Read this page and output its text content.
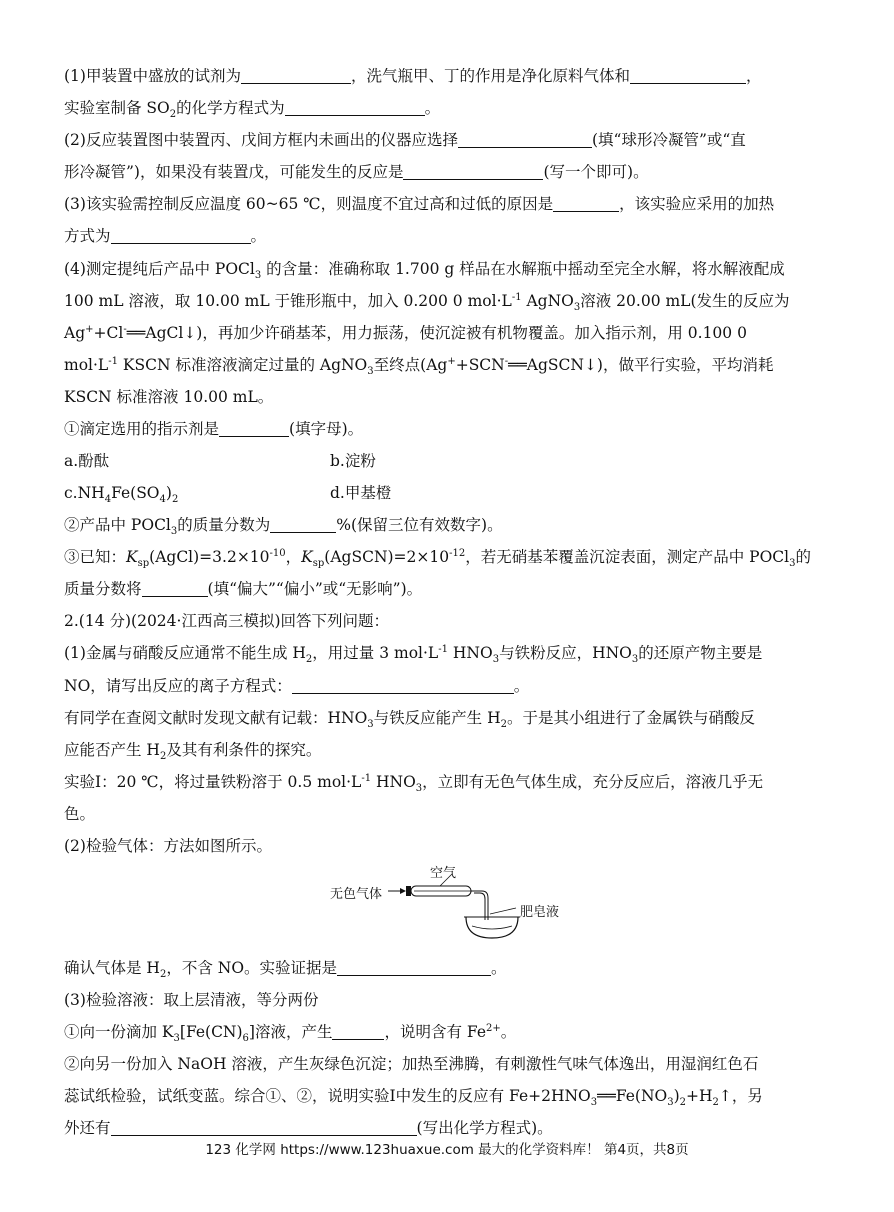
(1)甲装置中盛放的试剂为	，洗气瓶甲、丁的作用是净化原料气体和	，
实验室制备 $SO_2$的化学方程式为	。
(2)反应装置图中装置丙、戊间方框内未画出的仪器应选择	(填“球形冷凝管”或“直
形冷凝管”)，如果没有装置戊，可能发生的反应是	(写一个即可)。
(3)该实验需控制反应温度 60~65 ℃，则温度不宜过高和过低的原因是	，该实验应采用的加热
方式为	。
(4)测定提纯后产品中 POCl$_3$ 的含量：准确称取 1.700 g 样品在水解瓶中摇动至完全水解，将水解液配成
100 mL 溶液，取 10.00 mL 于锥形瓶中，加入 0.200 0 $mol\cdot L^{-1}$ AgNO$_3$溶液 20.00 mL(发生的反应为
Ag++Cl-══AgCl↓)，再加少许硝基苯，用力振荡，使沉淀被有机物覆盖。加入指示剂，用 0.100 0
$mol\cdot L^{-1}$ KSCN 标准溶液滴定过量的 AgNO$_3$至终点(Ag++SCN-══AgSCN↓)，做平行实验，平均消耗
KSCN 标准溶液 10.00 mL。
①滴定选用的指示剂是	(填字母)。
a.酚酞	b.淀粉
$c.NH_4Fe(SO_4)_2$	d.甲基橙
②产品中 POCl$_3$的质量分数为	%(保留三位有效数字)。
③已知：$K_{sp}(AgCl)=3.2\times 10^{-10}$，$K_{sp}(AgSCN)=2\times 10^{-12}$，若无硝基苯覆盖沉淀表面，测定产品中 POCl$_3$的
质量分数将	(填“偏大”“偏小”或“无影响”)。
2.(14 分)(2024·江西高三模拟)回答下列问题：
(1)金属与硝酸反应通常不能生成 $H_2$，用过量 3 $mol\cdot L^{-1}$ $HNO_3$与铁粉反应，$HNO_3$的还原产物主要是
NO，请写出反应的离子方程式：	。
有同学在查阅文献时发现文献有记载：$HNO_3$与铁反应能产生 $H_2$。于是其小组进行了金属铁与硝酸反
应能否产生 $H_2$及其有利条件的探究。
实验Ⅰ：20 ℃，将过量铁粉溶于 0.5 $mol\cdot L^{-1}$ $HNO_3$，立即有无色气体生成，充分反应后，溶液几乎无
色。
(2)检验气体：方法如图所示。
空气
无色气体
肥皂液
确认气体是 $H_2$，不含 NO。实验证据是	。
(3)检验溶液：取上层清液，等分两份
①向一份滴加 $K_3[Fe(CN)_6]$溶液，产生	，说明含有 $Fe^{2+}$。
②向另一份加入 NaOH 溶液，产生灰绿色沉淀；加热至沸腾，有刺激性气味气体逸出，用湿润红色石
蕊试纸检验，试纸变蓝。综合①、②，说明实验Ⅰ中发生的反应有 $Fe+2HNO_3══Fe(NO_3)_2+H_2↑$，另
外还有	(写出化学方程式)。
123 化学网 https://www.123huaxue.com 最大的化学资料库！ 第4页，共8页
